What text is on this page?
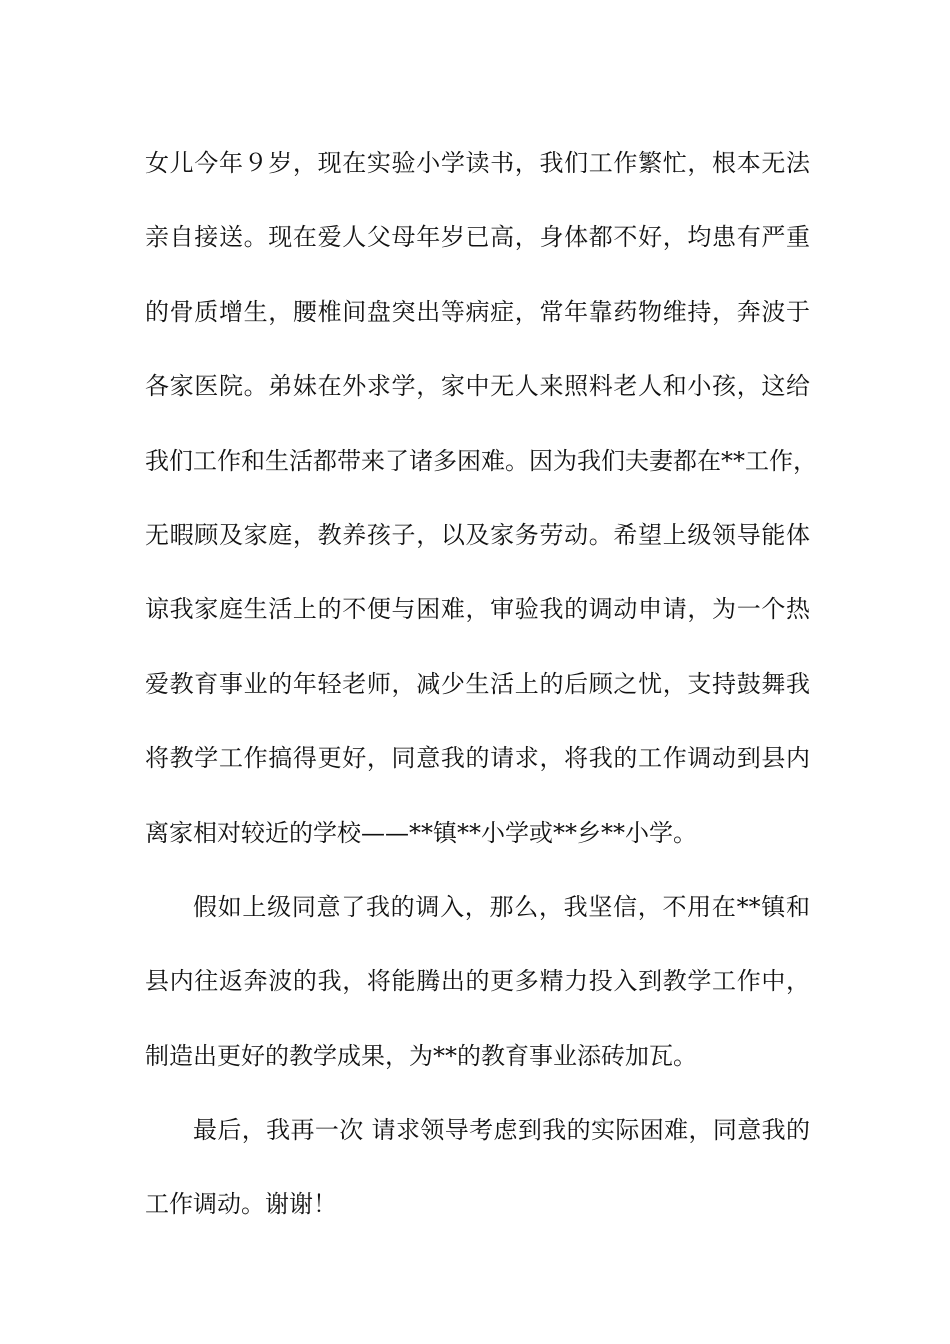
女儿今年９岁，现在实验小学读书，我们工作繁忙，根本无法
亲自接送。现在爱人父母年岁已高，身体都不好，均患有严重
的骨质增生，腰椎间盘突出等病症，常年靠药物维持，奔波于
各家医院。弟妹在外求学，家中无人来照料老人和小孩，这给
我们工作和生活都带来了诸多困难。因为我们夫妻都在**工作，
无暇顾及家庭，教养孩子，以及家务劳动。希望上级领导能体
谅我家庭生活上的不便与困难，审验我的调动申请，为一个热
爱教育事业的年轻老师，减少生活上的后顾之忧，支持鼓舞我
将教学工作搞得更好，同意我的请求，将我的工作调动到县内
离家相对较近的学校——**镇**小学或**乡**小学。
假如上级同意了我的调入，那么，我坚信，不用在**镇和
县内往返奔波的我，将能腾出的更多精力投入到教学工作中，
制造出更好的教学成果，为**的教育事业添砖加瓦。
最后，我再一次 请求领导考虑到我的实际困难，同意我的
工作调动。谢谢！
